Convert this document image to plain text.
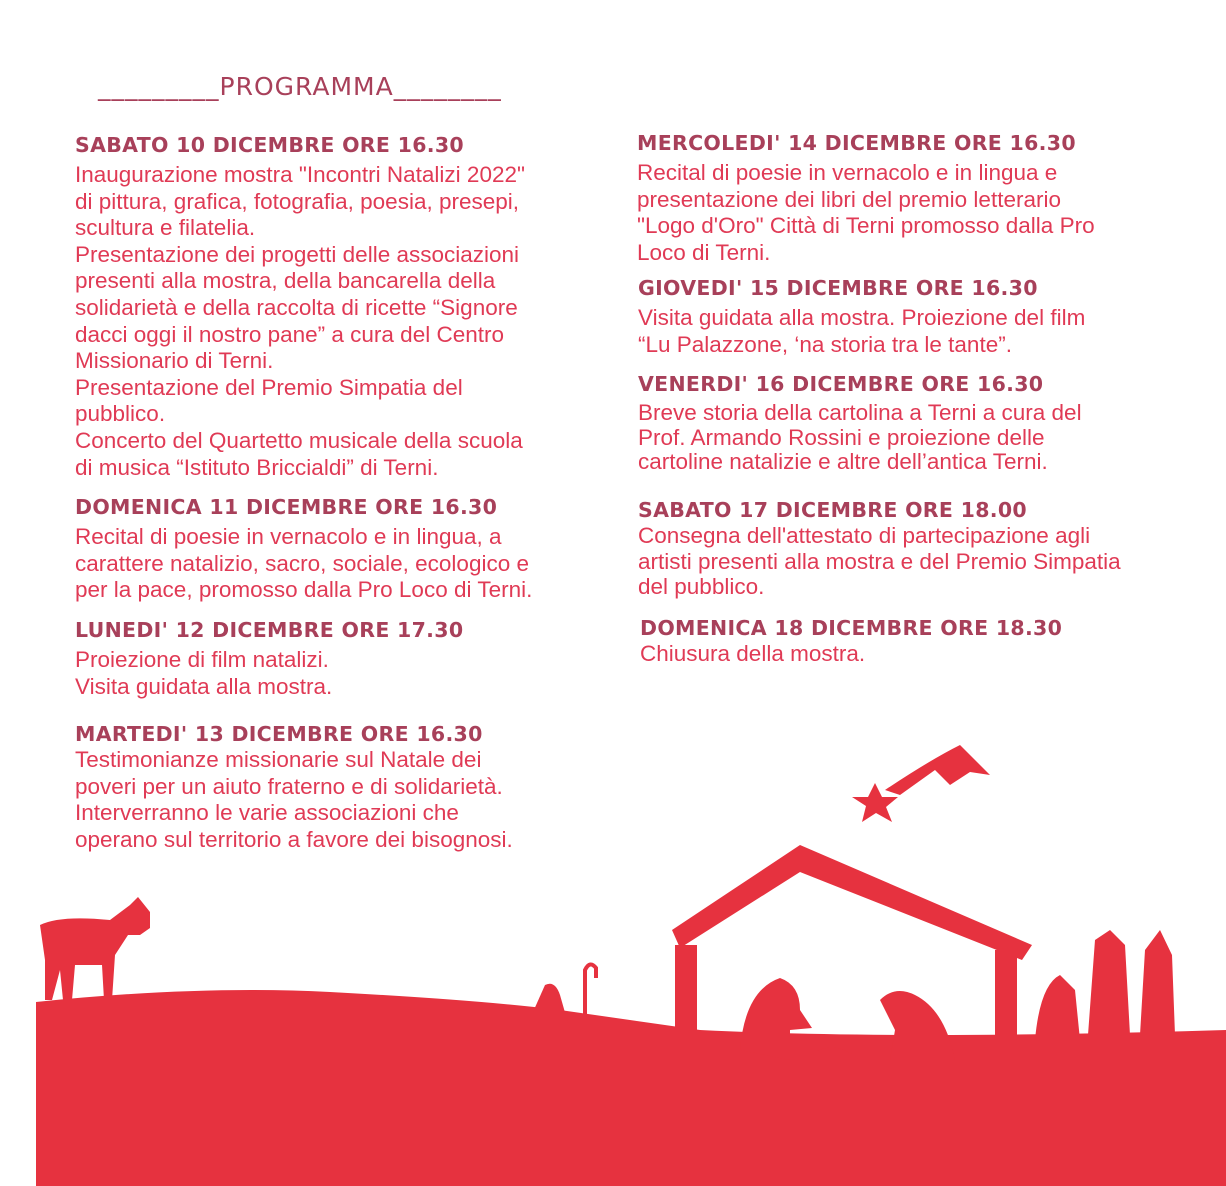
_________PROGRAMMA________
SABATO 10 DICEMBRE ORE 16.30
Inaugurazione mostra "Incontri Natalizi 2022"
di pittura, grafica, fotografia, poesia, presepi,
scultura e filatelia.
Presentazione dei progetti delle associazioni
presenti alla mostra, della bancarella della
solidarietà e della raccolta di ricette “Signore
dacci oggi il nostro pane” a cura del Centro
Missionario di Terni.
Presentazione del Premio Simpatia del
pubblico.
Concerto del Quartetto musicale della scuola
di musica “Istituto Briccialdi” di Terni.
DOMENICA 11 DICEMBRE ORE 16.30
Recital di poesie in vernacolo e in lingua, a
carattere natalizio, sacro, sociale, ecologico e
per la pace, promosso dalla Pro Loco di Terni.
LUNEDI' 12 DICEMBRE ORE 17.30
Proiezione di film natalizi.
Visita guidata alla mostra.
MARTEDI' 13 DICEMBRE ORE 16.30
Testimonianze missionarie sul Natale dei
poveri per un aiuto fraterno e di solidarietà.
Interverranno le varie associazioni che
operano sul territorio a favore dei bisognosi.
MERCOLEDI' 14 DICEMBRE ORE 16.30
Recital di poesie in vernacolo e in lingua e
presentazione dei libri del premio letterario
"Logo d'Oro" Città di Terni promosso dalla Pro
Loco di Terni.
GIOVEDI' 15 DICEMBRE ORE 16.30
Visita guidata alla mostra. Proiezione del film
“Lu Palazzone, ‘na storia tra le tante”.
VENERDI' 16 DICEMBRE ORE 16.30
Breve storia della cartolina a Terni a cura del
Prof. Armando Rossini e proiezione delle
cartoline natalizie e altre dell’antica Terni.
SABATO 17 DICEMBRE ORE 18.00
Consegna dell'attestato di partecipazione agli
artisti presenti alla mostra e del Premio Simpatia
del pubblico.
DOMENICA 18 DICEMBRE ORE 18.30
Chiusura della mostra.
